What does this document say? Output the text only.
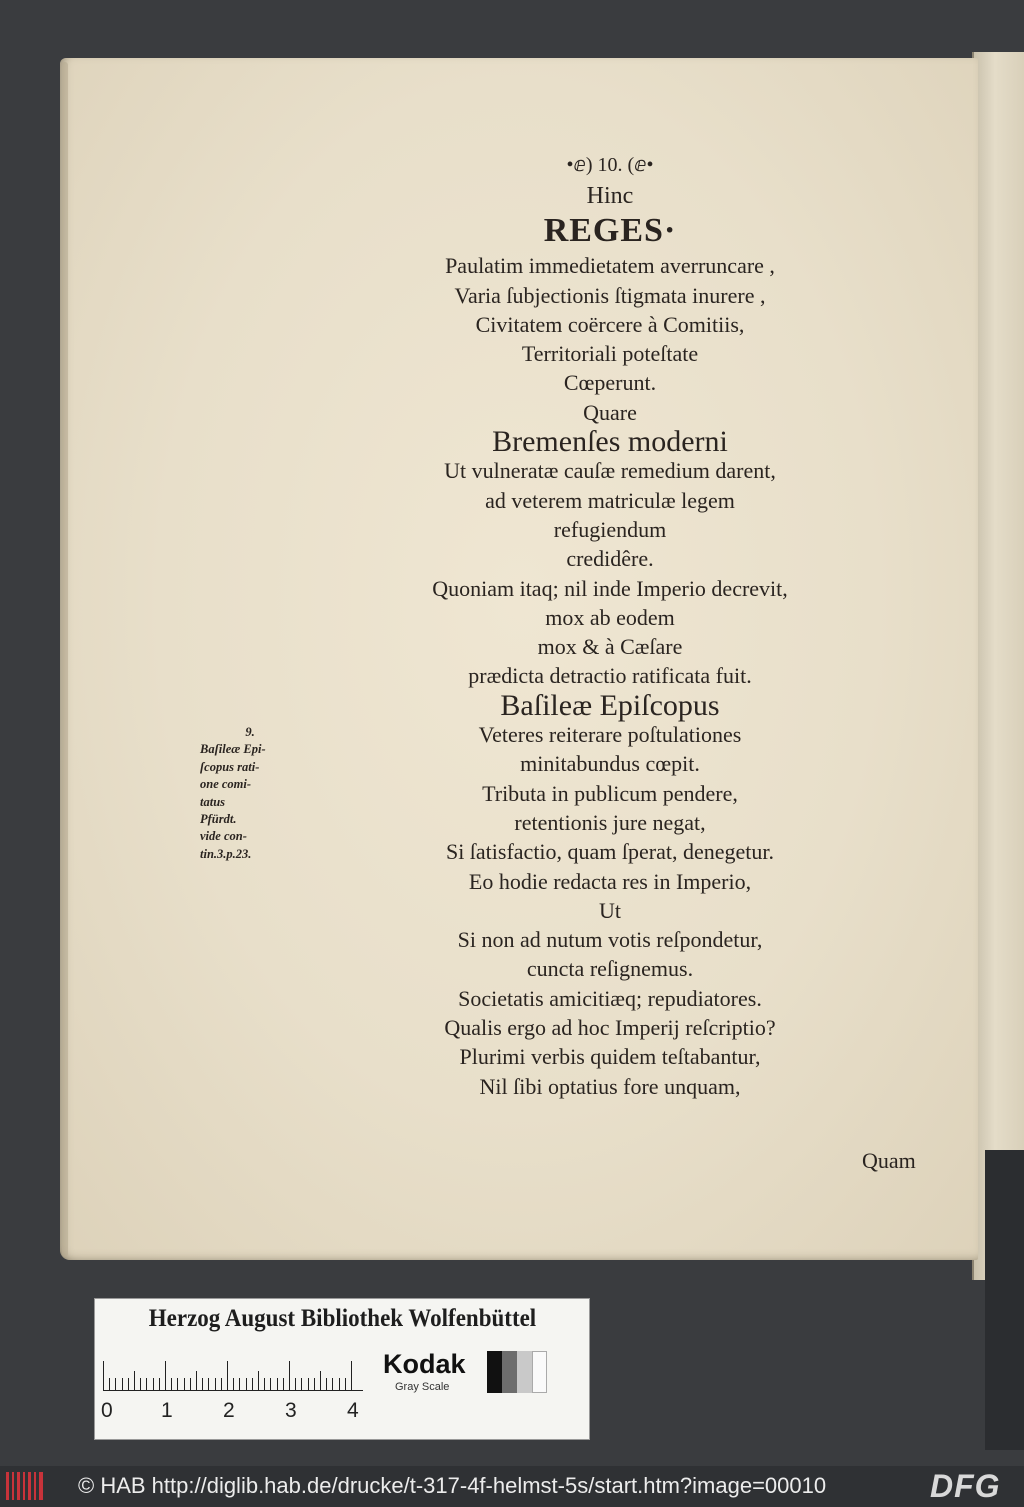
•ⅇ) 10. (ⅇ•
Hinc
REGES·
Paulatim immedietatem averruncare ,
Varia ſubjectionis ſtigmata inurere ,
Civitatem coërcere à Comitiis,
Territoriali poteſtate
Cœperunt.
Quare
Bremenſes moderni
Ut vulneratæ cauſæ remedium darent,
ad veterem matriculæ legem
refugiendum
credidêre.
Quoniam itaq; nil inde Imperio decrevit,
mox ab eodem
mox & à Cæſare
prædicta detractio ratificata fuit.
Baſileæ Epiſcopus
Veteres reiterare poſtulationes
minitabundus cœpit.
Tributa in publicum pendere,
retentionis jure negat,
Si ſatisfactio, quam ſperat, denegetur.
Eo hodie redacta res in Imperio,
Ut
Si non ad nutum votis reſpondetur,
cuncta reſignemus.
Societatis amicitiæq; repudiatores.
Qualis ergo ad hoc Imperij reſcriptio?
Plurimi verbis quidem teſtabantur,
Nil ſibi optatius fore unquam,
Quam
9.
Baſileæ Epi-
ſcopus rati-
one comi-
tatus
Pfürdt.
vide con-
tin.3.p.23.
Herzog August Bibliothek Wolfenbüttel
0 1 2 3 4
Kodak
Gray Scale
© HAB http://diglib.hab.de/drucke/t-317-4f-helmst-5s/start.htm?image=00010	DFG
